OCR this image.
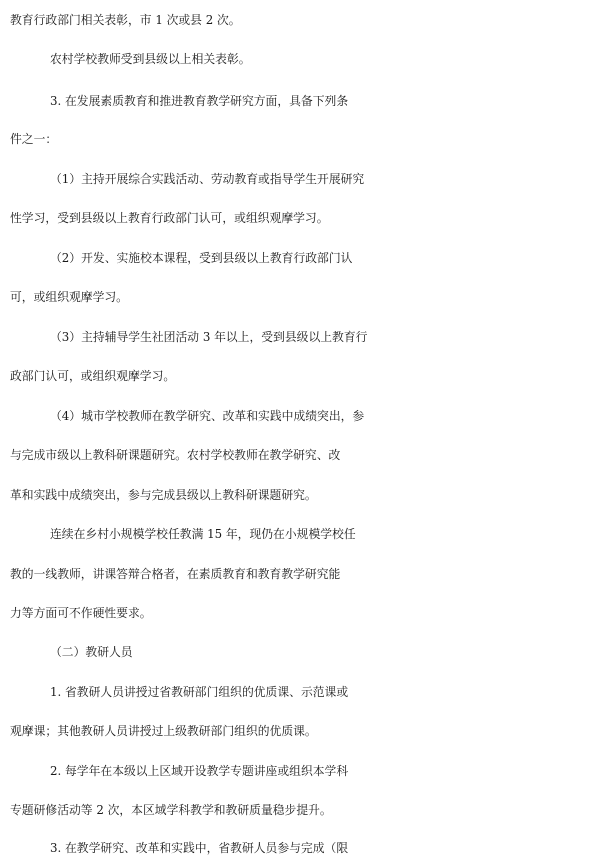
教育行政部门相关表彰，市 1 次或县 2 次。
农村学校教师受到县级以上相关表彰。
3. 在发展素质教育和推进教育教学研究方面，具备下列条
件之一：
（1）主持开展综合实践活动、劳动教育或指导学生开展研究
性学习，受到县级以上教育行政部门认可，或组织观摩学习。
（2）开发、实施校本课程，受到县级以上教育行政部门认
可，或组织观摩学习。
（3）主持辅导学生社团活动 3 年以上，受到县级以上教育行
政部门认可，或组织观摩学习。
（4）城市学校教师在教学研究、改革和实践中成绩突出，参
与完成市级以上教科研课题研究。农村学校教师在教学研究、改
革和实践中成绩突出，参与完成县级以上教科研课题研究。
连续在乡村小规模学校任教满 15 年，现仍在小规模学校任
教的一线教师，讲课答辩合格者，在素质教育和教育教学研究能
力等方面可不作硬性要求。
（二）教研人员
1. 省教研人员讲授过省教研部门组织的优质课、示范课或
观摩课；其他教研人员讲授过上级教研部门组织的优质课。
2. 每学年在本级以上区域开设教学专题讲座或组织本学科
专题研修活动等 2 次，本区域学科教学和教研质量稳步提升。
3. 在教学研究、改革和实践中，省教研人员参与完成（限
